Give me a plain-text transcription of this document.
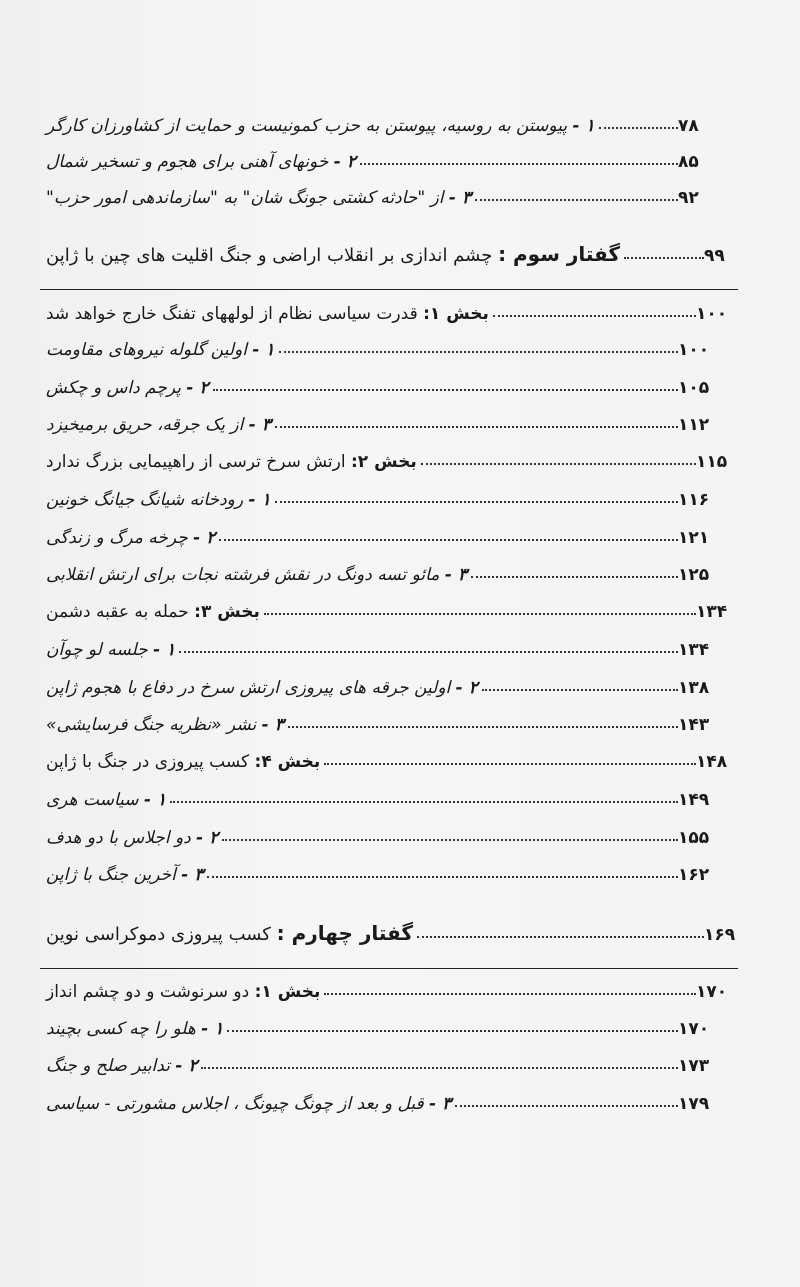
۱ - پیوستن به روسیه، پیوستن به حزب کمونیست و حمایت از کشاورزان کارگر	۷۸
۲ - خونهای آهنی برای هجوم و تسخیر شمال	۸۵
۳ - از "حادثه کشتی جونگ شان" به "سازماندهی امور حزب"	۹۲
گفتار سوم : چشم اندازی بر انقلاب اراضی و جنگ اقلیت های چین با ژاپن	۹۹
بخش ۱: قدرت سیاسی نظام از لولههای تفنگ خارج خواهد شد	۱۰۰
۱ - اولین گلوله نیروهای مقاومت	۱۰۰
۲ - پرچم داس و چکش	۱۰۵
۳ - از یک جرقه، حریق برمیخیزد	۱۱۲
بخش ۲: ارتش سرخ ترسی از راهپیمایی بزرگ ندارد	۱۱۵
۱ - رودخانه شیانگ جیانگ خونین	۱۱۶
۲ - چرخه مرگ و زندگی	۱۲۱
۳ - مائو تسه دونگ در نقش فرشته نجات برای ارتش انقلابی	۱۲۵
بخش ۳: حمله به عقبه دشمن	۱۳۴
۱ - جلسه لو چوآن	۱۳۴
۲ - اولین جرقه های پیروزی ارتش سرخ در دفاع با هجوم ژاپن	۱۳۸
۳ - نشر «نظریه جنگ فرسایشی»	۱۴۳
بخش ۴: کسب پیروزی در جنگ با ژاپن	۱۴۸
۱ - سیاست هری	۱۴۹
۲ - دو اجلاس با دو هدف	۱۵۵
۳ - آخرین جنگ با ژاپن	۱۶۲
گفتار چهارم : کسب پیروزی دموکراسی نوین	۱۶۹
بخش ۱: دو سرنوشت و دو چشم انداز	۱۷۰
۱ - هلو را چه کسی بچیند	۱۷۰
۲ - تدابیر صلح و جنگ	۱۷۳
۳ - قبل و بعد از چونگ چیونگ ، اجلاس مشورتی - سیاسی	۱۷۹
